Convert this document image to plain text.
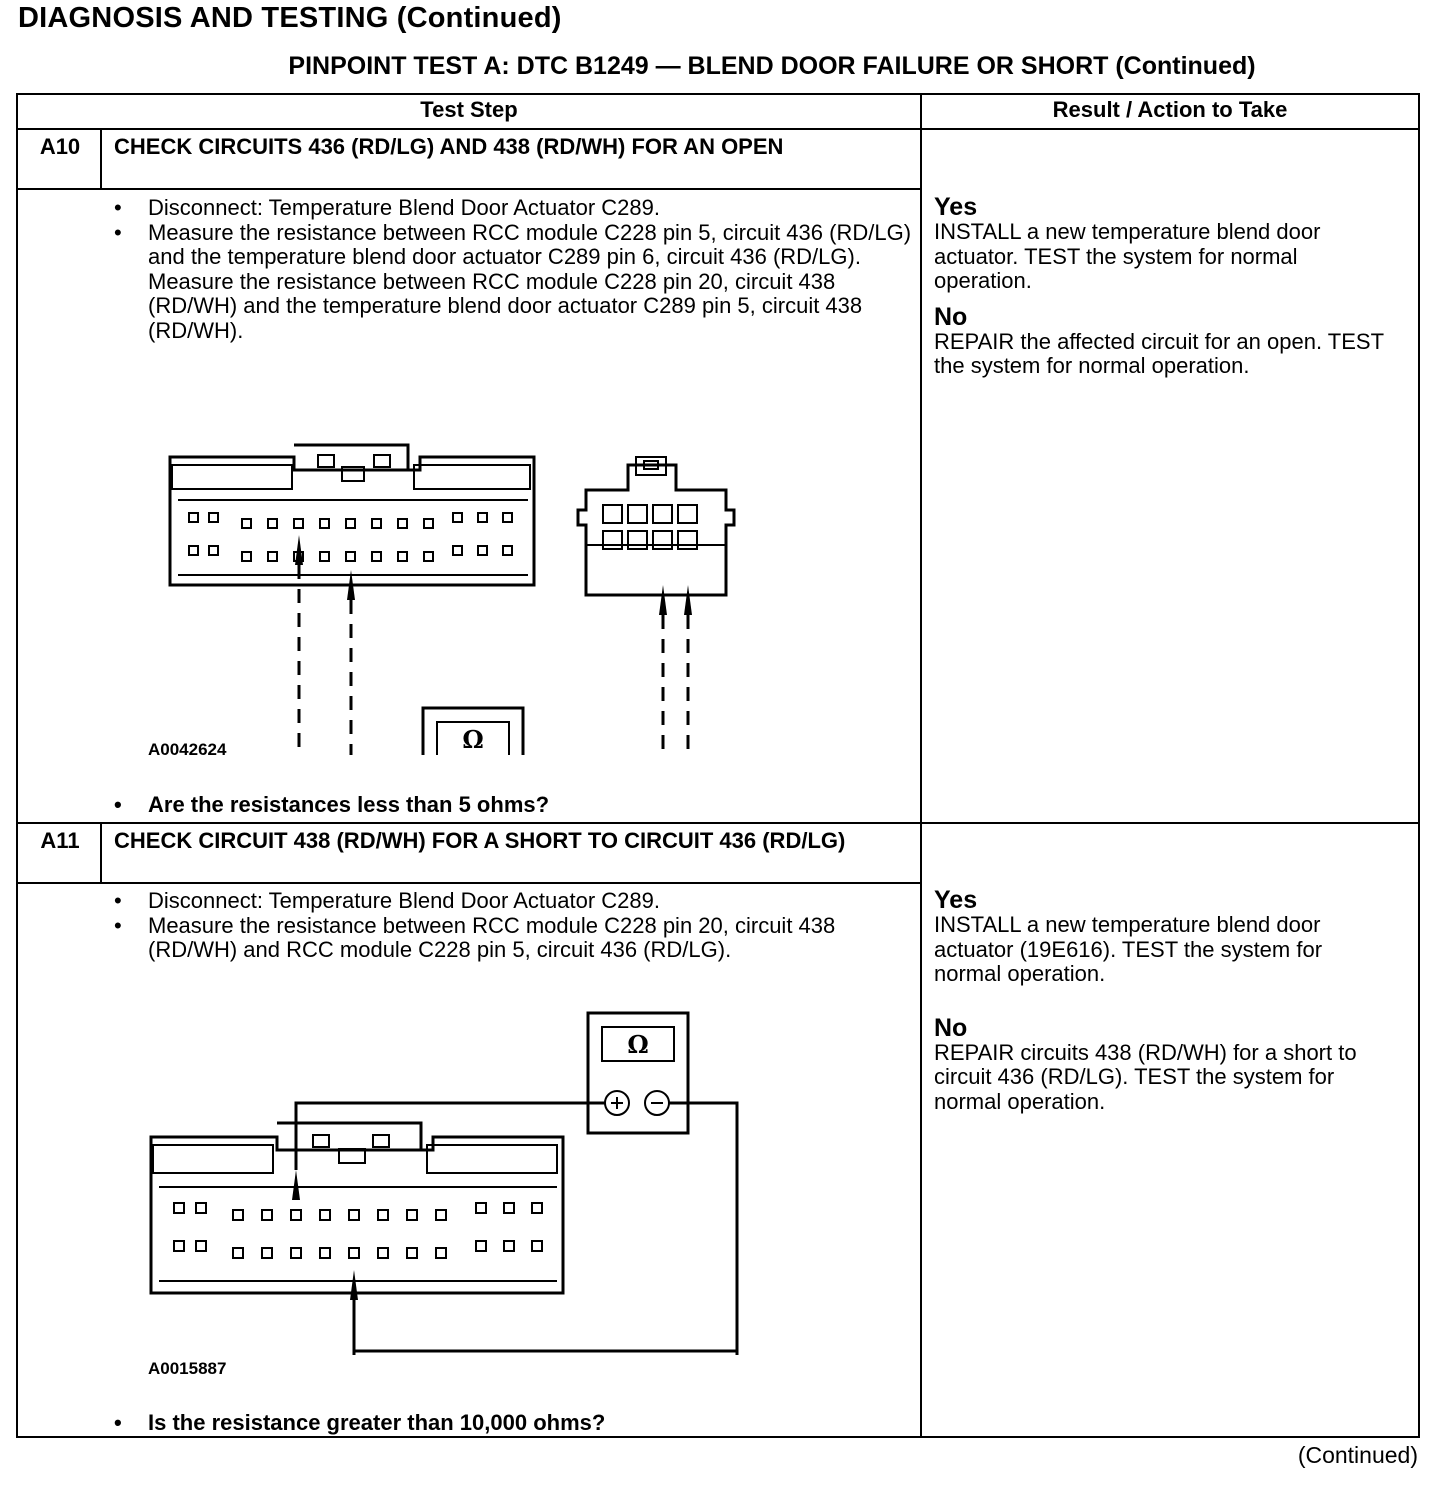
DIAGNOSIS AND TESTING (Continued)
PINPOINT TEST A: DTC B1249 — BLEND DOOR FAILURE OR SHORT (Continued)
Test Step	Result / Action to Take
A10	CHECK CIRCUITS 436 (RD/LG) AND 438 (RD/WH) FOR AN OPEN
• Disconnect: Temperature Blend Door Actuator C289.
• Measure the resistance between RCC module C228 pin 5, circuit 436 (RD/LG) and the temperature blend door actuator C289 pin 6, circuit 436 (RD/LG). Measure the resistance between RCC module C228 pin 20, circuit 438 (RD/WH) and the temperature blend door actuator C289 pin 5, circuit 438 (RD/WH).
Ω
A0042624
• Are the resistances less than 5 ohms?
Yes
INSTALL a new temperature blend door actuator. TEST the system for normal operation.
No
REPAIR the affected circuit for an open. TEST the system for normal operation.
A11	CHECK CIRCUIT 438 (RD/WH) FOR A SHORT TO CIRCUIT 436 (RD/LG)
• Disconnect: Temperature Blend Door Actuator C289.
• Measure the resistance between RCC module C228 pin 20, circuit 438 (RD/WH) and RCC module C228 pin 5, circuit 436 (RD/LG).
Ω
A0015887
• Is the resistance greater than 10,000 ohms?
Yes
INSTALL a new temperature blend door actuator (19E616). TEST the system for normal operation.
No
REPAIR circuits 438 (RD/WH) for a short to circuit 436 (RD/LG). TEST the system for normal operation.
(Continued)
